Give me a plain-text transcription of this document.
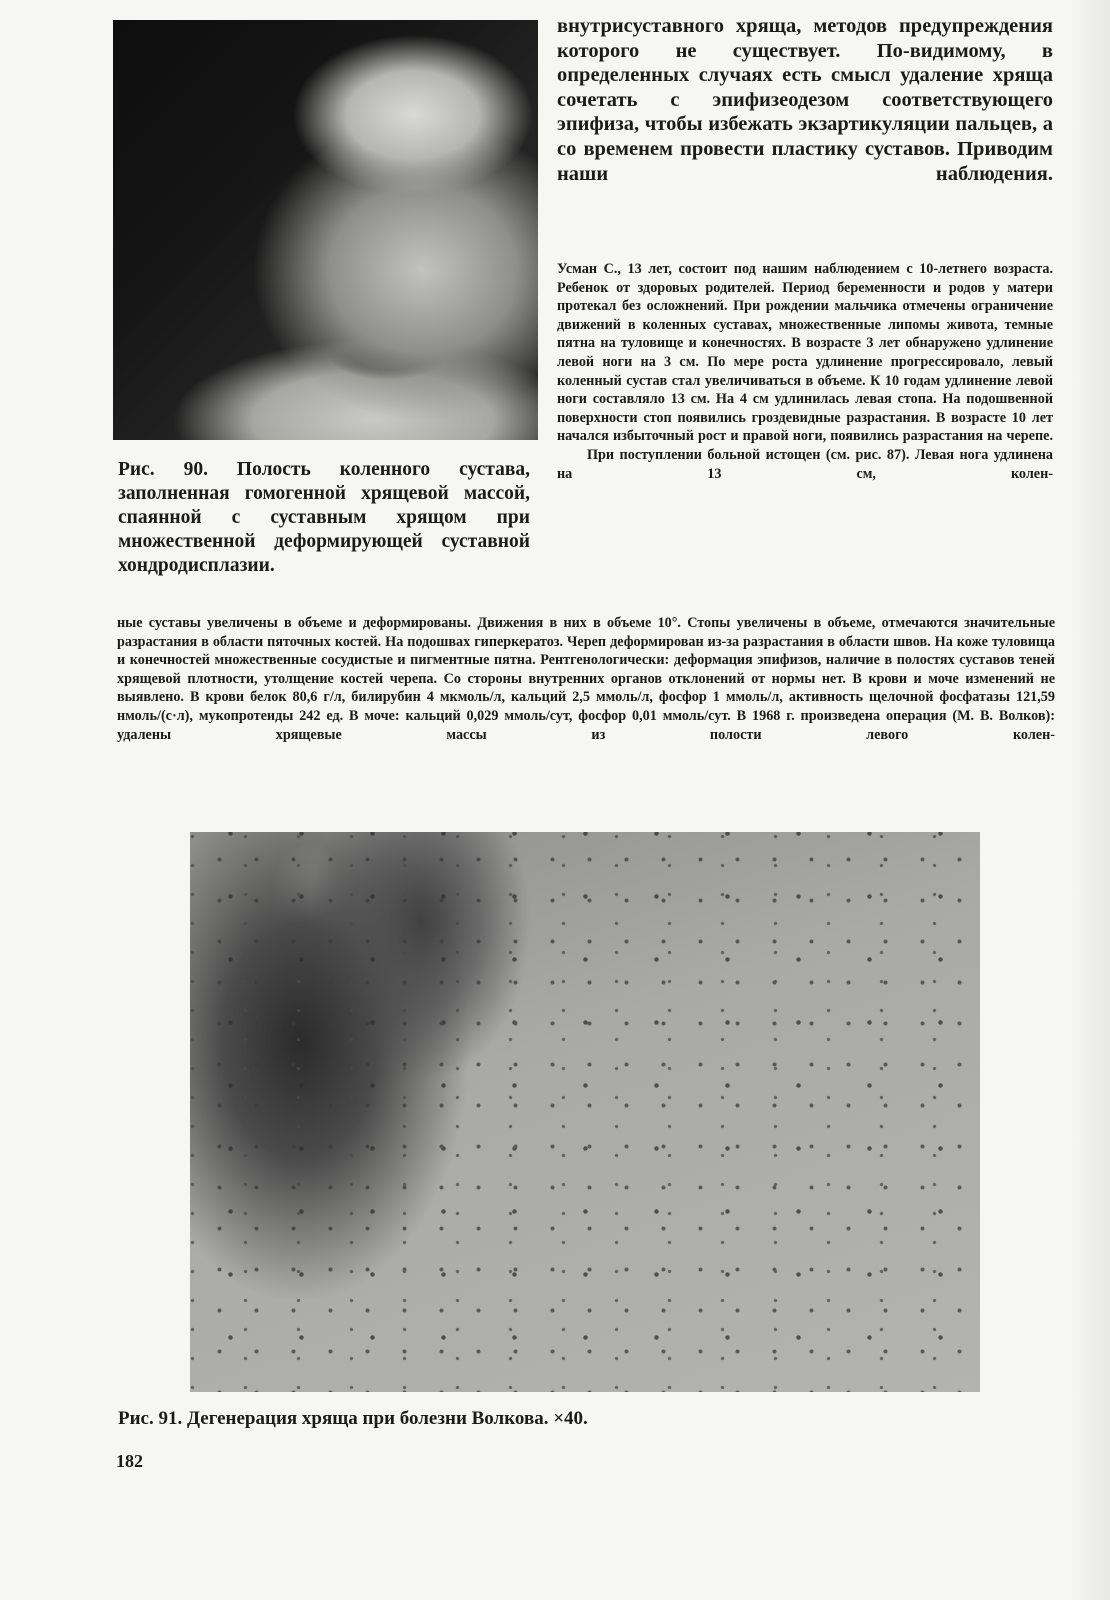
внутрисуставного хряща, методов предупреждения которого не существует. По-видимому, в определенных случаях есть смысл удаление хряща сочетать с эпифизеодезом соответствующего эпифиза, чтобы избежать экзартикуляции пальцев, а со временем провести пластику суставов. Приводим наши наблюдения.

Усман С., 13 лет, состоит под нашим наблюдением с 10-летнего возраста. Ребенок от здоровых родителей. Период беременности и родов у матери протекал без осложнений. При рождении мальчика отмечены ограничение движений в коленных суставах, множественные липомы живота, темные пятна на туловище и конечностях. В возрасте 3 лет обнаружено удлинение левой ноги на 3 см. По мере роста удлинение прогрессировало, левый коленный сустав стал увеличиваться в объеме. К 10 годам удлинение левой ноги составляло 13 см. На 4 см удлинилась левая стопа. На подошвенной поверхности стоп появились гроздевидные разрастания. В возрасте 10 лет начался избыточный рост и правой ноги, появились разрастания на черепе.
При поступлении больной истощен (см. рис. 87). Левая нога удлинена на 13 см, колен-

Рис. 90. Полость коленного сустава, заполненная гомогенной хрящевой массой, спаянной с суставным хрящом при множественной деформирующей суставной хондродисплазии.

ные суставы увеличены в объеме и деформированы. Движения в них в объеме 10°. Стопы увеличены в объеме, отмечаются значительные разрастания в области пяточных костей. На подошвах гиперкератоз. Череп деформирован из-за разрастания в области швов. На коже туловища и конечностей множественные сосудистые и пигментные пятна. Рентгенологически: деформация эпифизов, наличие в полостях суставов теней хрящевой плотности, утолщение костей черепа. Со стороны внутренних органов отклонений от нормы нет. В крови и моче изменений не выявлено. В крови белок 80,6 г/л, билирубин 4 мкмоль/л, кальций 2,5 ммоль/л, фосфор 1 ммоль/л, активность щелочной фосфатазы 121,59 нмоль/(с·л), мукопротеиды 242 ед. В моче: кальций 0,029 ммоль/сут, фосфор 0,01 ммоль/сут. В 1968 г. произведена операция (М. В. Волков): удалены хрящевые массы из полости левого колен-

Рис. 91. Дегенерация хряща при болезни Волкова. ×40.

182
